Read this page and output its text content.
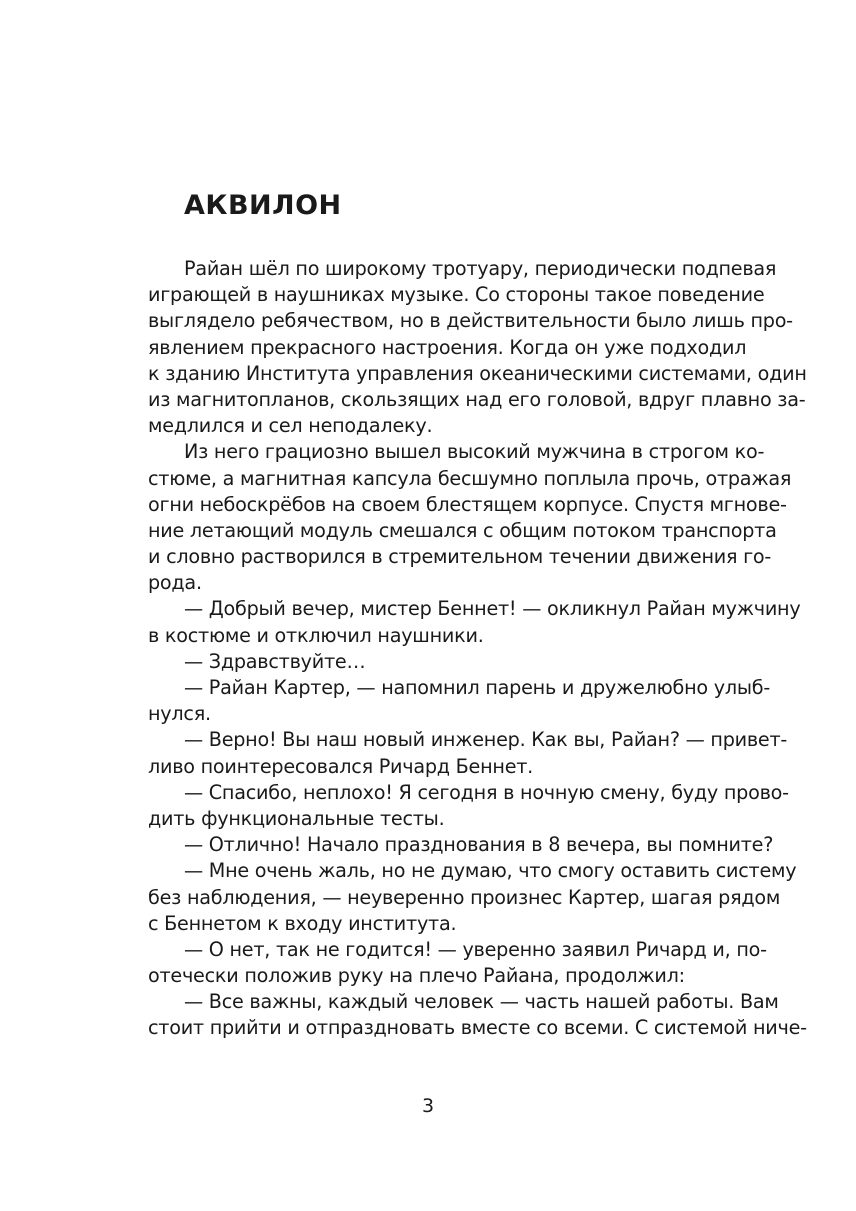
АКВИЛОН
Райан шёл по широкому тротуару, периодически подпевая
играющей в наушниках музыке. Со стороны такое поведение
выглядело ребячеством, но в действительности было лишь про-
явлением прекрасного настроения. Когда он уже подходил
к зданию Института управления океаническими системами, один
из магнитопланов, скользящих над его головой, вдруг плавно за-
медлился и сел неподалеку.
Из него грациозно вышел высокий мужчина в строгом ко-
стюме, а магнитная капсула бесшумно поплыла прочь, отражая
огни небоскрёбов на своем блестящем корпусе. Спустя мгнове-
ние летающий модуль смешался с общим потоком транспорта
и словно растворился в стремительном течении движения го-
рода.
— Добрый вечер, мистер Беннет! — окликнул Райан мужчину
в костюме и отключил наушники.
— Здравствуйте…
— Райан Картер, — напомнил парень и дружелюбно улыб-
нулся.
— Верно! Вы наш новый инженер. Как вы, Райан? — привет-
ливо поинтересовался Ричард Беннет.
— Спасибо, неплохо! Я сегодня в ночную смену, буду прово-
дить функциональные тесты.
— Отлично! Начало празднования в 8 вечера, вы помните?
— Мне очень жаль, но не думаю, что смогу оставить систему
без наблюдения, — неуверенно произнес Картер, шагая рядом
с Беннетом к входу института.
— О нет, так не годится! — уверенно заявил Ричард и, по-
отечески положив руку на плечо Райана, продолжил:
— Все важны, каждый человек — часть нашей работы. Вам
стоит прийти и отпраздновать вместе со всеми. С системой ниче-
3
